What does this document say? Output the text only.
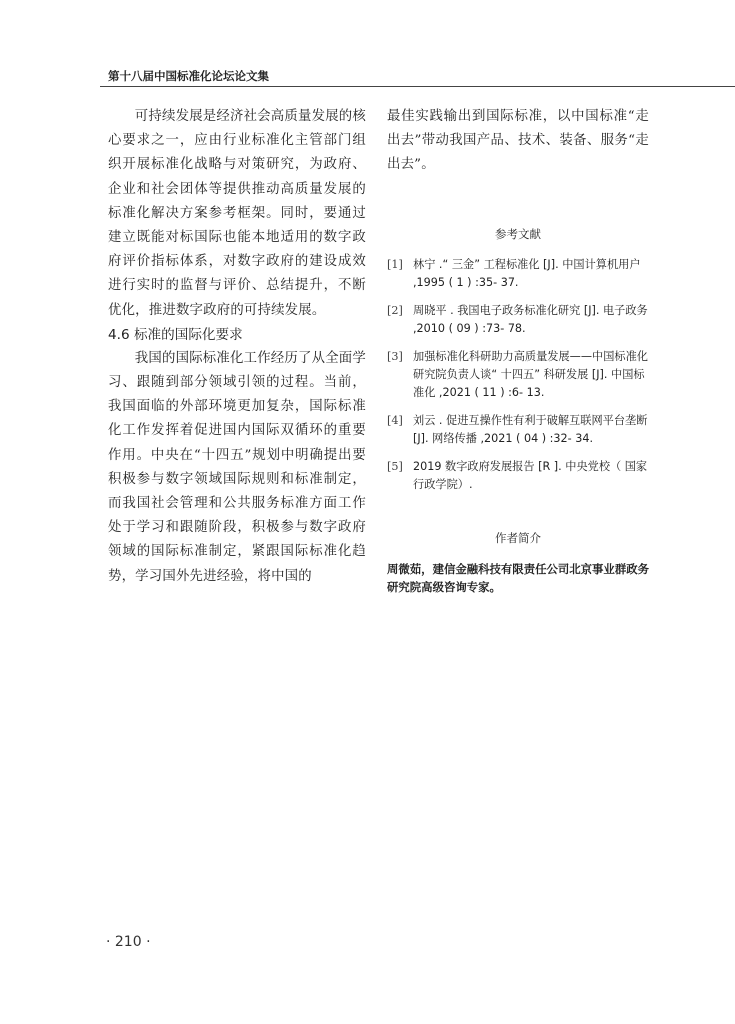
第十八届中国标准化论坛论文集

可持续发展是经济社会高质量发展的核心要求之一，应由行业标准化主管部门组织开展标准化战略与对策研究，为政府、企业和社会团体等提供推动高质量发展的标准化解决方案参考框架。同时，要通过建立既能对标国际也能本地适用的数字政府评价指标体系，对数字政府的建设成效进行实时的监督与评价、总结提升，不断优化，推进数字政府的可持续发展。

4.6 标准的国际化要求

我国的国际标准化工作经历了从全面学习、跟随到部分领域引领的过程。当前，我国面临的外部环境更加复杂，国际标准化工作发挥着促进国内国际双循环的重要作用。中央在“十四五”规划中明确提出要积极参与数字领域国际规则和标准制定，而我国社会管理和公共服务标准方面工作处于学习和跟随阶段，积极参与数字政府领域的国际标准制定，紧跟国际标准化趋势，学习国外先进经验，将中国的

最佳实践输出到国际标准，以中国标准“走出去”带动我国产品、技术、装备、服务“走出去”。

参考文献
[1] 林宁 .“ 三金” 工程标准化 [J]. 中国计算机用户 ,1995 ( 1 ) :35- 37.
[2] 周晓平 . 我国电子政务标准化研究 [J]. 电子政务 ,2010 ( 09 ) :73- 78.
[3] 加强标准化科研助力高质量发展——中国标准化研究院负责人谈“ 十四五” 科研发展 [J]. 中国标准化 ,2021 ( 11 ) :6- 13.
[4] 刘云 . 促进互操作性有利于破解互联网平台垄断 [J]. 网络传播 ,2021 ( 04 ) :32- 34.
[5] 2019 数字政府发展报告 [R ]. 中央党校（ 国家行政学院）.
作者简介
周微茹，建信金融科技有限责任公司北京事业群政务研究院高级咨询专家。
· 210 ·
